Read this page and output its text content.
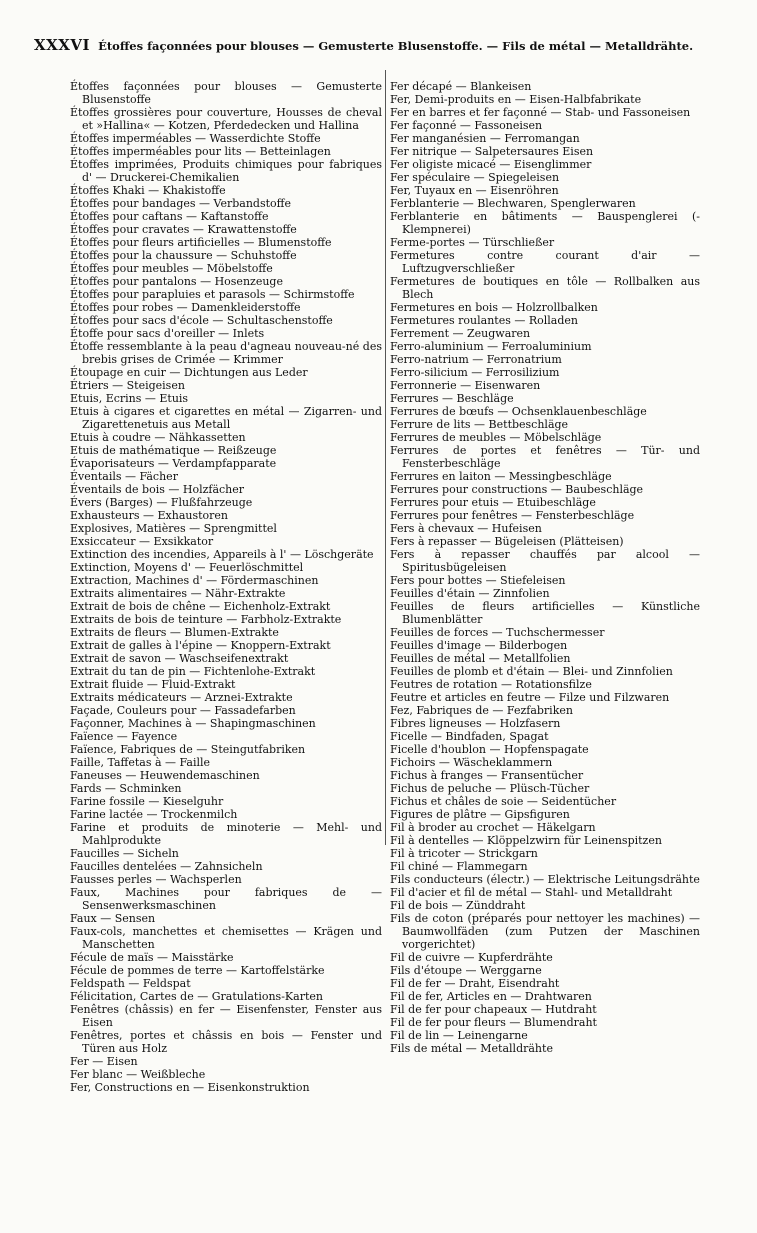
XXXVI Étoffes façonnées pour blouses — Gemusterte Blusenstoffe. — Fils de métal — Metalldrähte.

Étoffes façonnées pour blouses — Gemusterte Blusenstoffe

Étoffes grossières pour couverture, Housses de cheval et »Hallina« — Kotzen, Pferdedecken und Hallina

Étoffes imperméables — Wasserdichte Stoffe

Étoffes imperméables pour lits — Betteinlagen

Étoffes imprimées, Produits chimiques pour fabriques d' — Druckerei-Chemikalien

Étoffes Khaki — Khakistoffe

Étoffes pour bandages — Verbandstoffe

Étoffes pour caftans — Kaftanstoffe

Étoffes pour cravates — Krawattenstoffe

Étoffes pour fleurs artificielles — Blumenstoffe

Étoffes pour la chaussure — Schuhstoffe

Étoffes pour meubles — Möbelstoffe

Étoffes pour pantalons — Hosenzeuge

Étoffes pour parapluies et parasols — Schirmstoffe

Étoffes pour robes — Damenkleiderstoffe

Étoffes pour sacs d'école — Schultaschenstoffe

Étoffe pour sacs d'oreiller — Inlets

Étoffe ressemblante à la peau d'agneau nouveau-né des brebis grises de Crimée — Krimmer

Étoupage en cuir — Dichtungen aus Leder

Étriers — Steigeisen

Etuis, Ecrins — Etuis

Etuis à cigares et cigarettes en métal — Zigarren- und Zigarettenetuis aus Metall

Etuis à coudre — Nähkassetten

Etuis de mathématique — Reißzeuge

Évaporisateurs — Verdampfapparate

Éventails — Fächer

Éventails de bois — Holzfächer

Évers (Barges) — Flußfahrzeuge

Exhausteurs — Exhaustoren

Explosives, Matières — Sprengmittel

Exsiccateur — Exsikkator

Extinction des incendies, Appareils à l' — Löschgeräte

Extinction, Moyens d' — Feuerlöschmittel

Extraction, Machines d' — Fördermaschinen

Extraits alimentaires — Nähr-Extrakte

Extrait de bois de chêne — Eichenholz-Extrakt

Extraits de bois de teinture — Farbholz-Extrakte

Extraits de fleurs — Blumen-Extrakte

Extrait de galles à l'épine — Knoppern-Extrakt

Extrait de savon — Waschseifenextrakt

Extrait du tan de pin — Fichtenlohe-Extrakt

Extrait fluide — Fluid-Extrakt

Extraits médicateurs — Arznei-Extrakte

Façade, Couleurs pour — Fassadefarben

Façonner, Machines à — Shapingmaschinen

Faïence — Fayence

Faïence, Fabriques de — Steingutfabriken

Faille, Taffetas à — Faille

Faneuses — Heuwendemaschinen

Fards — Schminken

Farine fossile — Kieselguhr

Farine lactée — Trockenmilch

Farine et produits de minoterie — Mehl- und Mahlprodukte

Faucilles — Sicheln

Faucilles dentelées — Zahnsicheln

Fausses perles — Wachsperlen

Faux, Machines pour fabriques de — Sensenwerksmaschinen

Faux — Sensen

Faux-cols, manchettes et chemisettes — Krägen und Manschetten

Fécule de maïs — Maisstärke

Fécule de pommes de terre — Kartoffelstärke

Feldspath — Feldspat

Félicitation, Cartes de — Gratulations-Karten

Fenêtres (châssis) en fer — Eisenfenster, Fenster aus Eisen

Fenêtres, portes et châssis en bois — Fenster und Türen aus Holz

Fer — Eisen

Fer blanc — Weißbleche

Fer, Constructions en — Eisenkonstruktion

Fer décapé — Blankeisen

Fer, Demi-produits en — Eisen-Halbfabrikate

Fer en barres et fer façonné — Stab- und Fassoneisen

Fer façonné — Fassoneisen

Fer manganésien — Ferromangan

Fer nitrique — Salpetersaures Eisen

Fer oligiste micacé — Eisenglimmer

Fer spéculaire — Spiegeleisen

Fer, Tuyaux en — Eisenröhren

Ferblanterie — Blechwaren, Spenglerwaren

Ferblanterie en bâtiments — Bauspenglerei (-Klempnerei)

Ferme-portes — Türschließer

Fermetures contre courant d'air — Luftzugverschließer

Fermetures de boutiques en tôle — Rollbalken aus Blech

Fermetures en bois — Holzrollbalken

Fermetures roulantes — Rolladen

Ferrement — Zeugwaren

Ferro-aluminium — Ferroaluminium

Ferro-natrium — Ferronatrium

Ferro-silicium — Ferrosilizium

Ferronnerie — Eisenwaren

Ferrures — Beschläge

Ferrures de bœufs — Ochsenklauenbeschläge

Ferrure de lits — Bettbeschläge

Ferrures de meubles — Möbelschläge

Ferrures de portes et fenêtres — Tür- und Fensterbeschläge

Ferrures en laiton — Messingbeschläge

Ferrures pour constructions — Baubeschläge

Ferrures pour etuis — Etuibeschläge

Ferrures pour fenêtres — Fensterbeschläge

Fers à chevaux — Hufeisen

Fers à repasser — Bügeleisen (Plätteisen)

Fers à repasser chauffés par alcool — Spiritusbügeleisen

Fers pour bottes — Stiefeleisen

Feuilles d'étain — Zinnfolien

Feuilles de fleurs artificielles — Künstliche Blumenblätter

Feuilles de forces — Tuchschermesser

Feuilles d'image — Bilderbogen

Feuilles de métal — Metallfolien

Feuilles de plomb et d'étain — Blei- und Zinnfolien

Feutres de rotation — Rotationsfilze

Feutre et articles en feutre — Filze und Filzwaren

Fez, Fabriques de — Fezfabriken

Fibres ligneuses — Holzfasern

Ficelle — Bindfaden, Spagat

Ficelle d'houblon — Hopfenspagate

Fichoirs — Wäscheklammern

Fichus à franges — Fransentücher

Fichus de peluche — Plüsch-Tücher

Fichus et châles de soie — Seidentücher

Figures de plâtre — Gipsfiguren

Fil à broder au crochet — Häkelgarn

Fil à dentelles — Klöppelzwirn für Leinenspitzen

Fil à tricoter — Strickgarn

Fil chiné — Flammegarn

Fils conducteurs (électr.) — Elektrische Leitungsdrähte

Fil d'acier et fil de métal — Stahl- und Metalldraht

Fil de bois — Zünddraht

Fils de coton (préparés pour nettoyer les machines) — Baumwollfäden (zum Putzen der Maschinen vorgerichtet)

Fil de cuivre — Kupferdrähte

Fils d'étoupe — Werggarne

Fil de fer — Draht, Eisendraht

Fil de fer, Articles en — Drahtwaren

Fil de fer pour chapeaux — Hutdraht

Fil de fer pour fleurs — Blumendraht

Fil de lin — Leinengarne

Fils de métal — Metalldrähte
